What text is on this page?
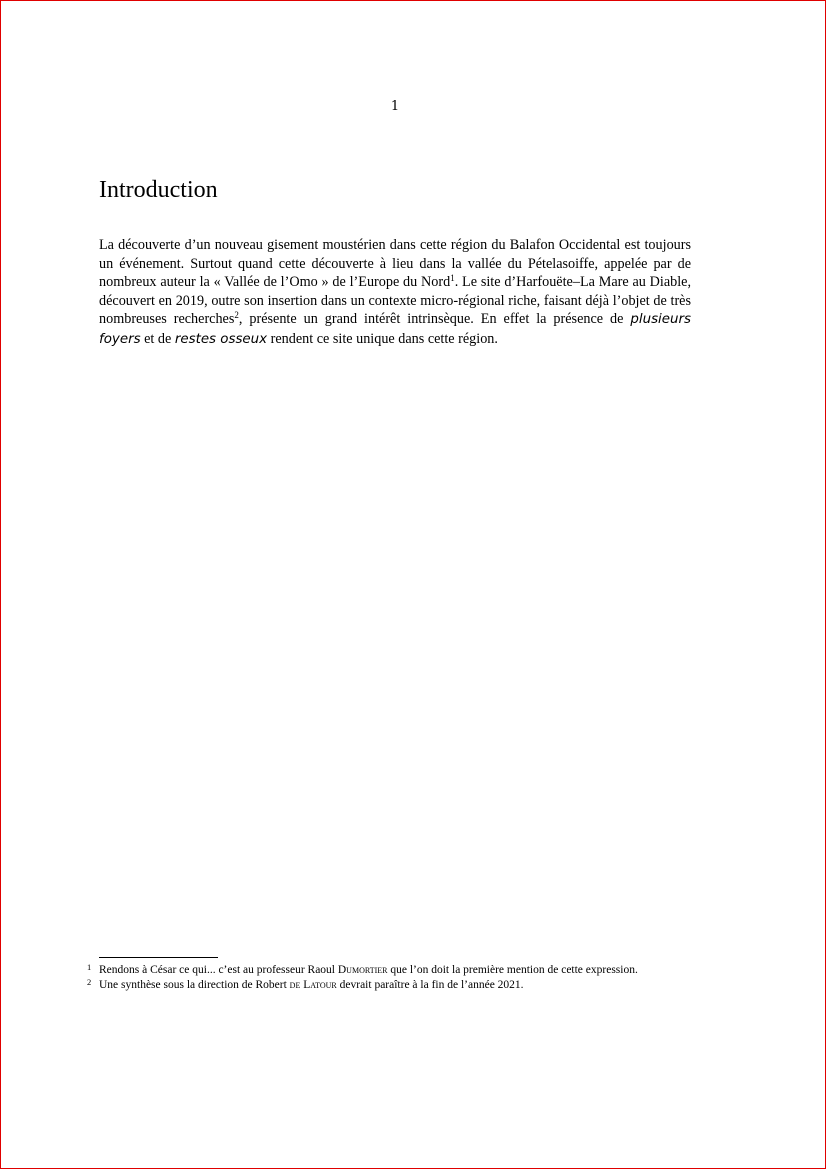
1
Introduction

La découverte d’un nouveau gisement moustérien dans cette région du Balafon Occidental est toujours un événement. Surtout quand cette découverte à lieu dans la vallée du Pételasoiffe, appelée par de nombreux auteur la « Vallée de l’Omo » de l’Europe du Nord$^1$. Le site d’Harfouëte–La Mare au Diable, découvert en 2019, outre son insertion dans un contexte micro-régional riche, faisant déjà l’objet de très nombreuses recherches$^2$, présente un grand intérêt intrinsèque. En effet la présence de plusieurs foyers et de restes osseux rendent ce site unique dans cette région.

1 Rendons à César ce qui... c’est au professeur Raoul Dumortier que l’on doit la première mention de cette expression.
2 Une synthèse sous la direction de Robert de Latour devrait paraître à la fin de l’année 2021.
